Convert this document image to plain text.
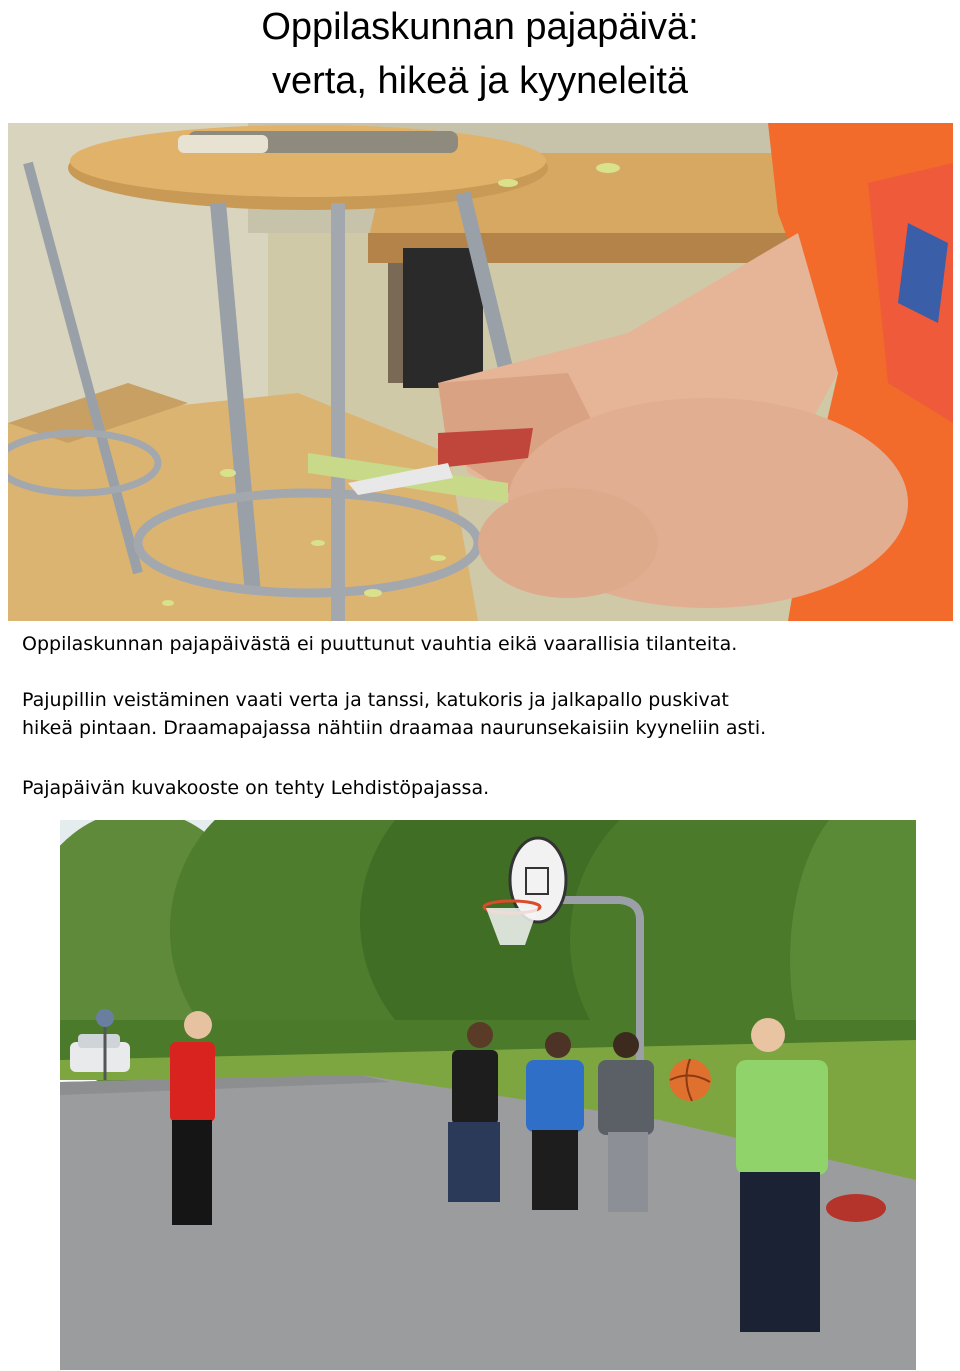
Oppilaskunnan pajapäivä:
verta, hikeä ja kyyneleitä

Oppilaskunnan pajapäivästä ei puuttunut vauhtia eikä vaarallisia tilanteita.

Pajupillin veistäminen vaati verta ja tanssi, katukoris ja jalkapallo puskivat
hikeä pintaan. Draamapajassa nähtiin draamaa naurunsekaisiin kyyneliin asti.

Pajapäivän kuvakooste on tehty Lehdistöpajassa.
